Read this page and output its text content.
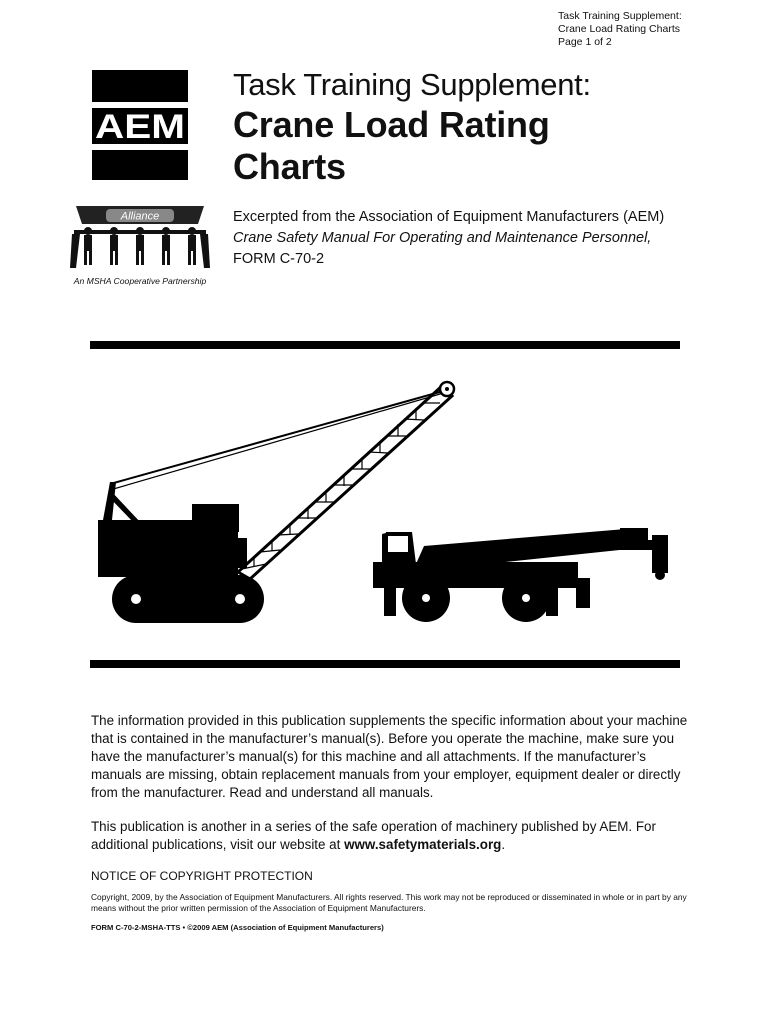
Task Training Supplement:
Crane Load Rating Charts
Page 1 of 2
AEM
Alliance
An MSHA Cooperative Partnership
Task Training Supplement:
Crane Load Rating
Charts
Excerpted from the Association of Equipment Manufacturers (AEM)
Crane Safety Manual For Operating and Maintenance Personnel,
FORM C-70-2

The information provided in this publication supplements the specific information about your machine that is contained in the manufacturer’s manual(s). Before you operate the machine, make sure you have the manufacturer’s manual(s) for this machine and all attachments. If the manufacturer’s manuals are missing, obtain replacement manuals from your employer, equipment dealer or directly from the manufacturer. Read and understand all manuals.

This publication is another in a series of the safe operation of machinery published by AEM. For additional publications, visit our website at www.safetymaterials.org.

NOTICE OF COPYRIGHT PROTECTION
Copyright, 2009, by the Association of Equipment Manufacturers. All rights reserved. This work may not be reproduced or disseminated in whole or in part by any means without the prior written permission of the Association of Equipment Manufacturers.
FORM C-70-2-MSHA-TTS • ©2009 AEM (Association of Equipment Manufacturers)
